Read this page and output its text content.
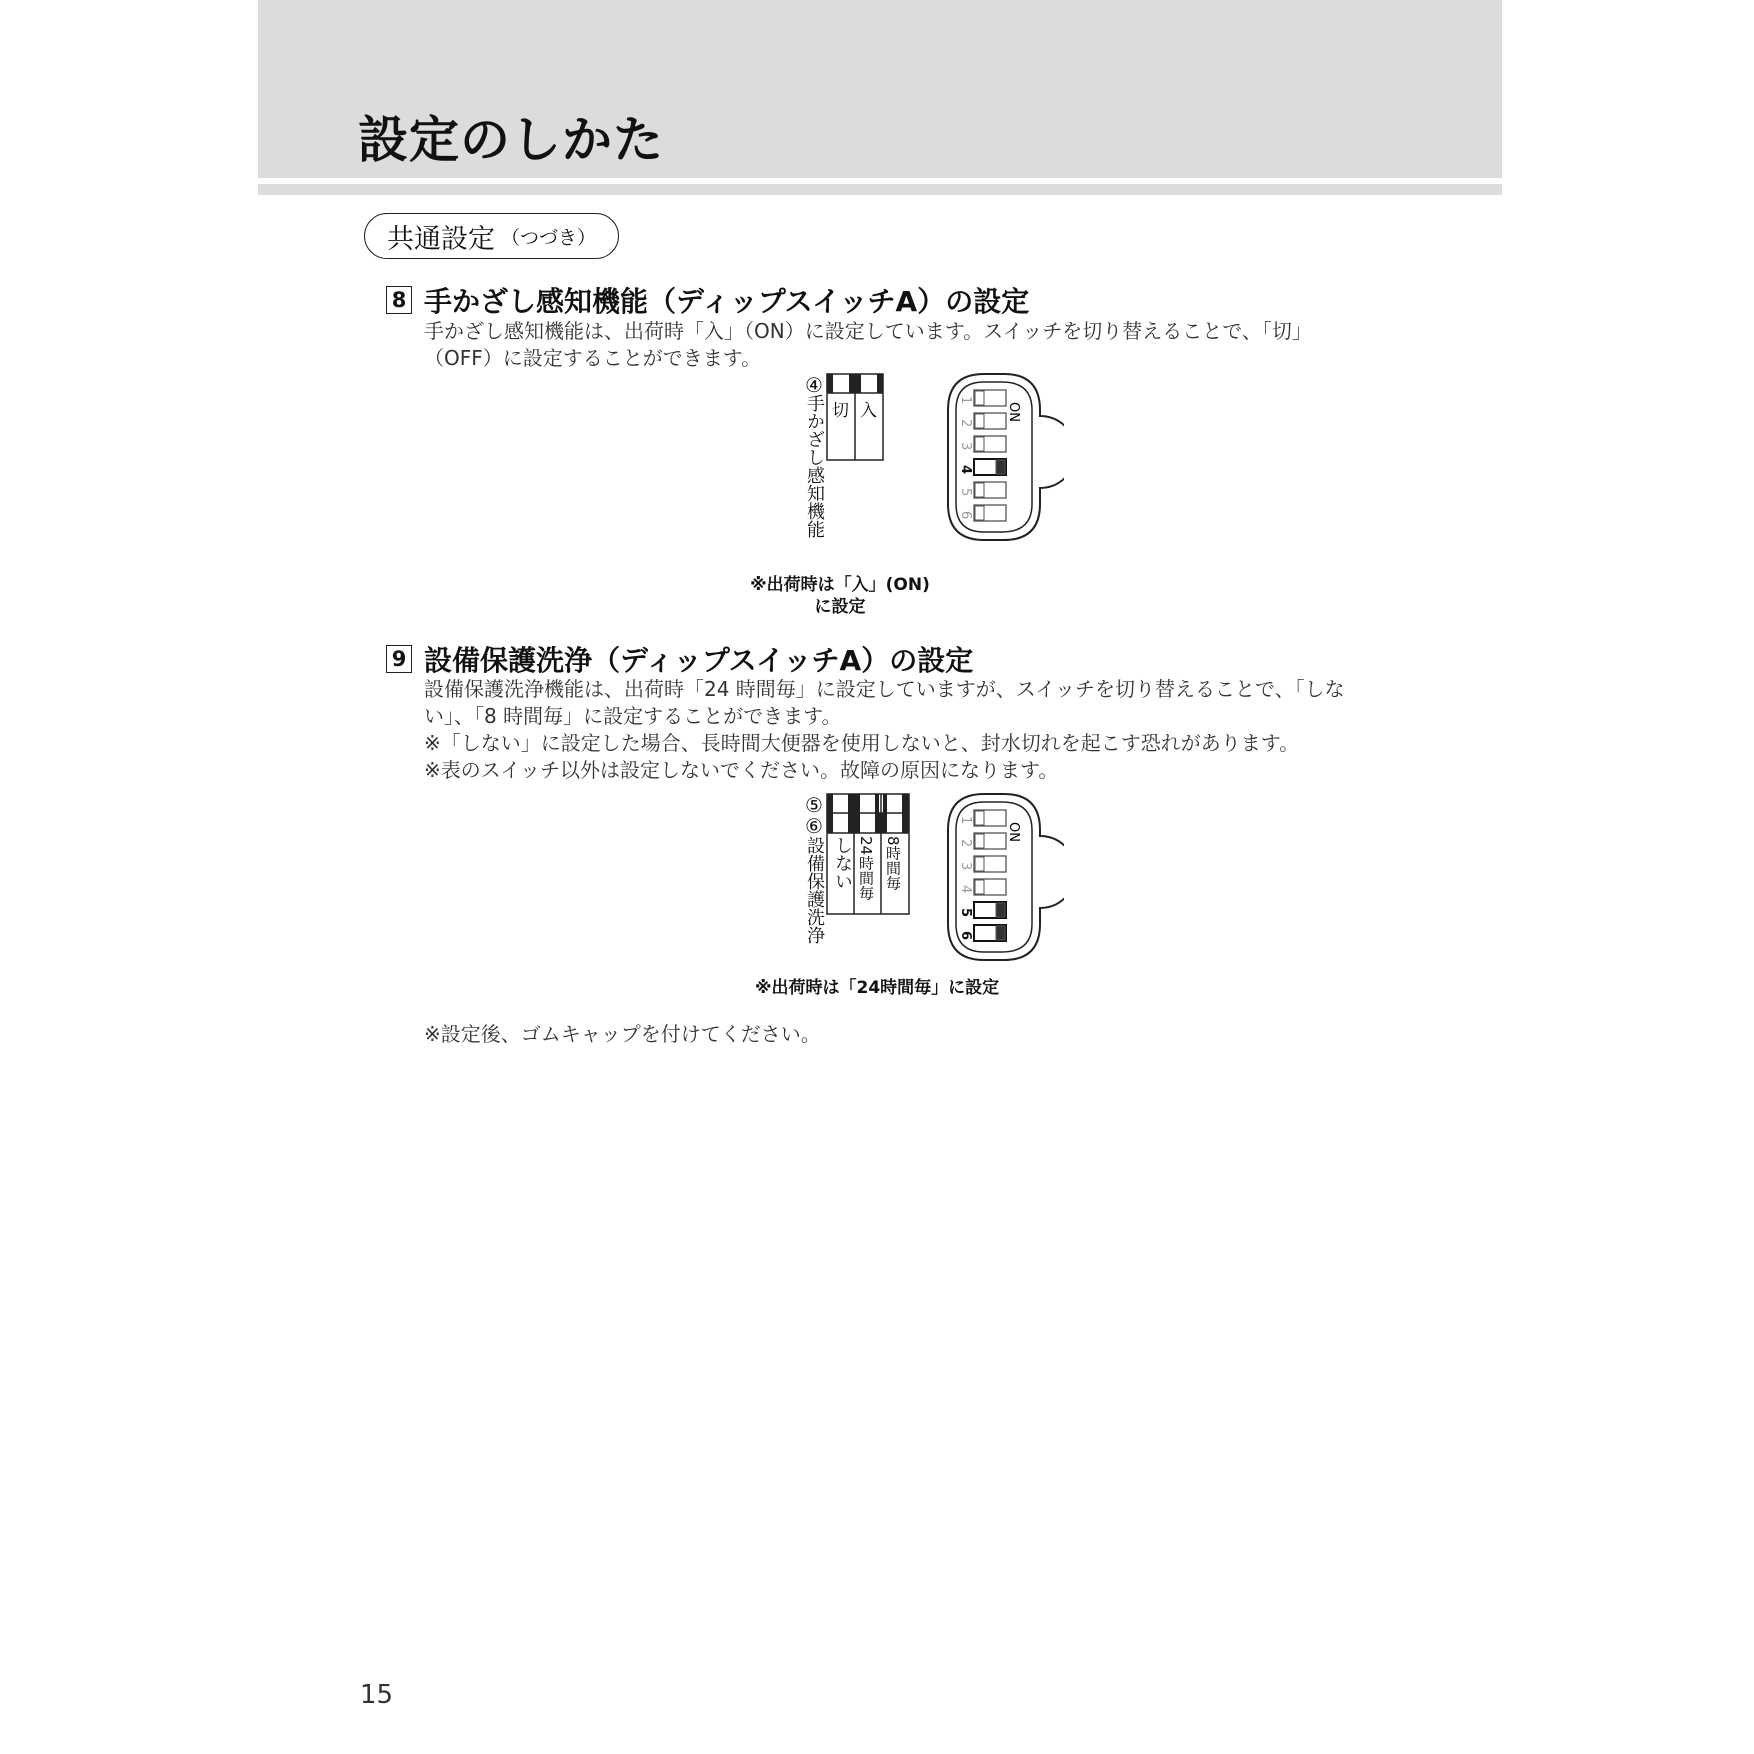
設定のしかた
共通設定 （つづき）
8 手かざし感知機能（ディップスイッチA）の設定

手かざし感知機能は、出荷時「入」（ON）に設定しています。スイッチを切り替えることで、「切」

（OFF）に設定することができます。

④
手かざし感知機能 切 入
1
2
3
4
5
6
ON
※出荷時は「入」(ON)
に設定
9 設備保護洗浄（ディップスイッチA）の設定

設備保護洗浄機能は、出荷時「24 時間毎」に設定していますが、スイッチを切り替えることで、「しな

い」、「8 時間毎」に設定することができます。

※「しない」に設定した場合、長時間大便器を使用しないと、封水切れを起こす恐れがあります。

※表のスイッチ以外は設定しないでください。故障の原因になります。

⑤
⑥
設備保護洗浄 しない 24時間毎 8時間毎
1
2
3
4
5
6
ON
※出荷時は「24時間毎」に設定
※設定後、ゴムキャップを付けてください。
15
